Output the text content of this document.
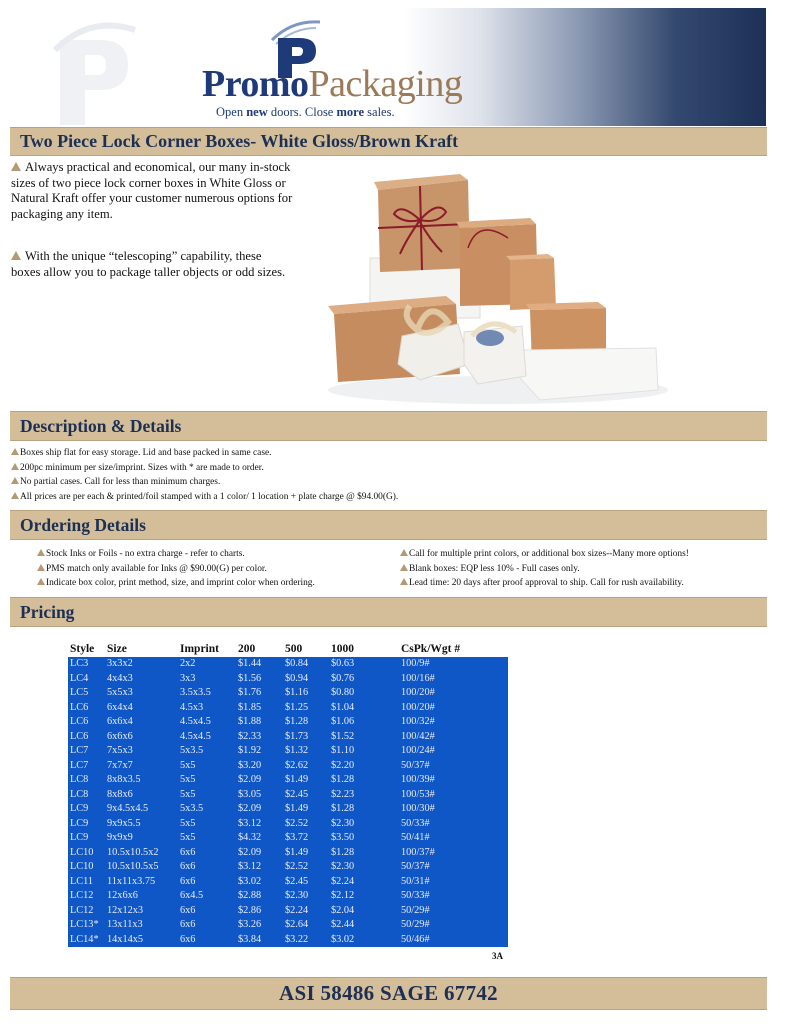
PromoPackaging
Open new doors. Close more sales.
Two Piece Lock Corner Boxes- White Gloss/Brown Kraft
Always practical and economical, our many in-stock sizes of two piece lock corner boxes in White Gloss or Natural Kraft offer your customer numerous options for packaging any item.
With the unique “telescoping” capability, these boxes allow you to package taller objects or odd sizes.
Description & Details
Boxes ship flat for easy storage. Lid and base packed in same case.
200pc minimum per size/imprint. Sizes with * are made to order.
No partial cases. Call for less than minimum charges.
All prices are per each & printed/foil stamped with a 1 color/ 1 location + plate charge @ $94.00(G).
Ordering Details
Stock Inks or Foils - no extra charge - refer to charts.
PMS match only available for Inks @ $90.00(G) per color.
Indicate box color, print method, size, and imprint color when ordering.
Call for multiple print colors, or additional box sizes--Many more options!
Blank boxes: EQP less 10% - Full cases only.
Lead time: 20 days after proof approval to ship. Call for rush availability.
Pricing
Style	Size	Imprint	200	500	1000	CsPk/Wgt #
LC3	3x3x2	2x2	$1.44	$0.84	$0.63	100/9#
LC4	4x4x3	3x3	$1.56	$0.94	$0.76	100/16#
LC5	5x5x3	3.5x3.5	$1.76	$1.16	$0.80	100/20#
LC6	6x4x4	4.5x3	$1.85	$1.25	$1.04	100/20#
LC6	6x6x4	4.5x4.5	$1.88	$1.28	$1.06	100/32#
LC6	6x6x6	4.5x4.5	$2.33	$1.73	$1.52	100/42#
LC7	7x5x3	5x3.5	$1.92	$1.32	$1.10	100/24#
LC7	7x7x7	5x5	$3.20	$2.62	$2.20	50/37#
LC8	8x8x3.5	5x5	$2.09	$1.49	$1.28	100/39#
LC8	8x8x6	5x5	$3.05	$2.45	$2.23	100/53#
LC9	9x4.5x4.5	5x3.5	$2.09	$1.49	$1.28	100/30#
LC9	9x9x5.5	5x5	$3.12	$2.52	$2.30	50/33#
LC9	9x9x9	5x5	$4.32	$3.72	$3.50	50/41#
LC10	10.5x10.5x2	6x6	$2.09	$1.49	$1.28	100/37#
LC10	10.5x10.5x5	6x6	$3.12	$2.52	$2.30	50/37#
LC11	11x11x3.75	6x6	$3.02	$2.45	$2.24	50/31#
LC12	12x6x6	6x4.5	$2.88	$2.30	$2.12	50/33#
LC12	12x12x3	6x6	$2.86	$2.24	$2.04	50/29#
LC13*	13x11x3	6x6	$3.26	$2.64	$2.44	50/29#
LC14*	14x14x5	6x6	$3.84	$3.22	$3.02	50/46#
3A
ASI 58486 SAGE 67742
